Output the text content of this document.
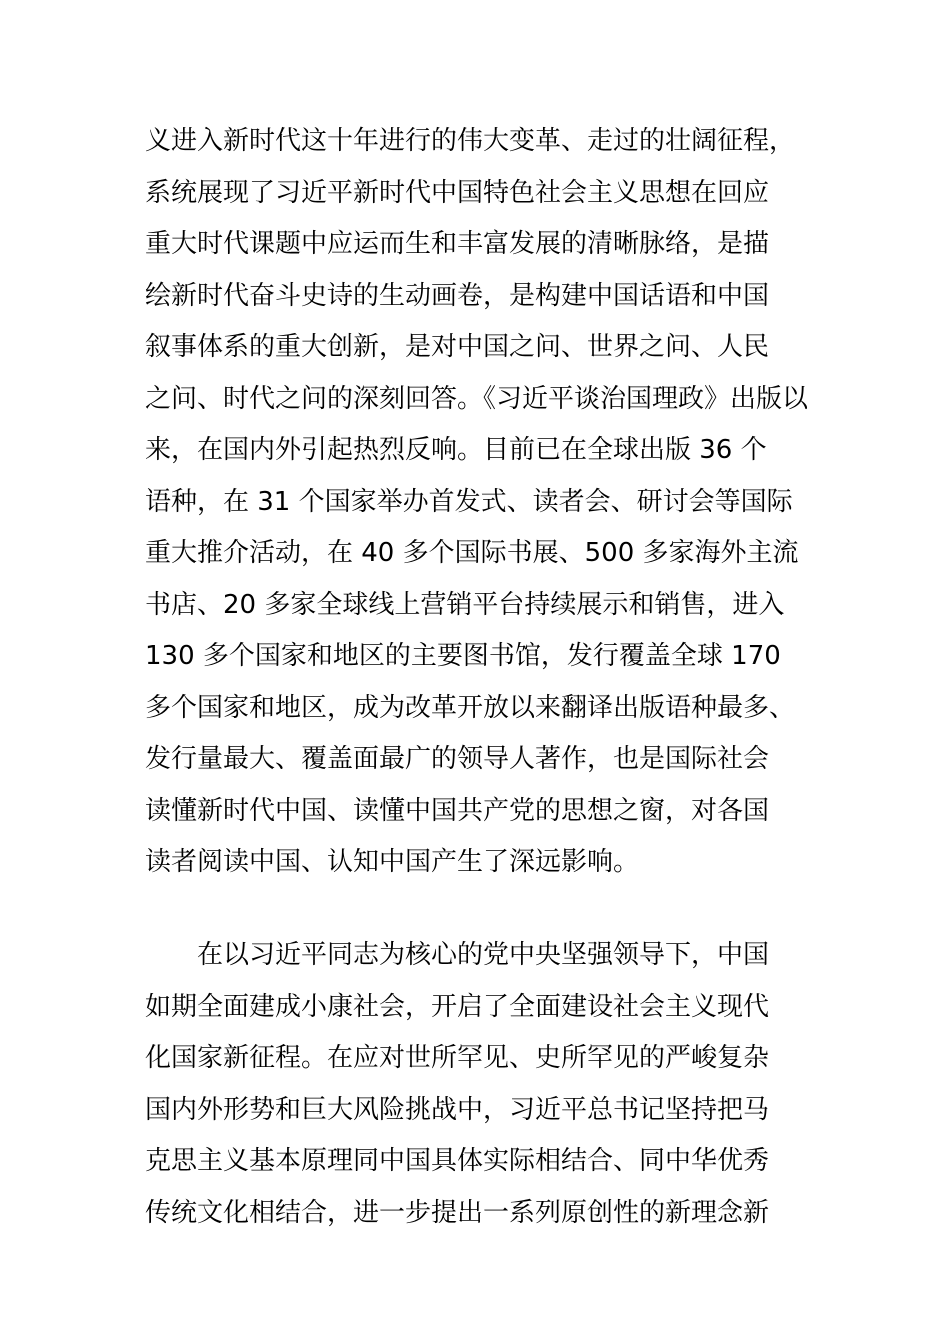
义进入新时代这十年进行的伟大变革、走过的壮阔征程，
系统展现了习近平新时代中国特色社会主义思想在回应
重大时代课题中应运而生和丰富发展的清晰脉络，是描
绘新时代奋斗史诗的生动画卷，是构建中国话语和中国
叙事体系的重大创新，是对中国之问、世界之问、人民
之问、时代之问的深刻回答。《习近平谈治国理政》出版以
来，在国内外引起热烈反响。目前已在全球出版 36 个
语种，在 31 个国家举办首发式、读者会、研讨会等国际
重大推介活动，在 40 多个国际书展、500 多家海外主流
书店、20 多家全球线上营销平台持续展示和销售，进入
130 多个国家和地区的主要图书馆，发行覆盖全球 170
多个国家和地区，成为改革开放以来翻译出版语种最多、
发行量最大、覆盖面最广的领导人著作，也是国际社会
读懂新时代中国、读懂中国共产党的思想之窗，对各国
读者阅读中国、认知中国产生了深远影响。
　　在以习近平同志为核心的党中央坚强领导下，中国
如期全面建成小康社会，开启了全面建设社会主义现代
化国家新征程。在应对世所罕见、史所罕见的严峻复杂
国内外形势和巨大风险挑战中，习近平总书记坚持把马
克思主义基本原理同中国具体实际相结合、同中华优秀
传统文化相结合，进一步提出一系列原创性的新理念新
